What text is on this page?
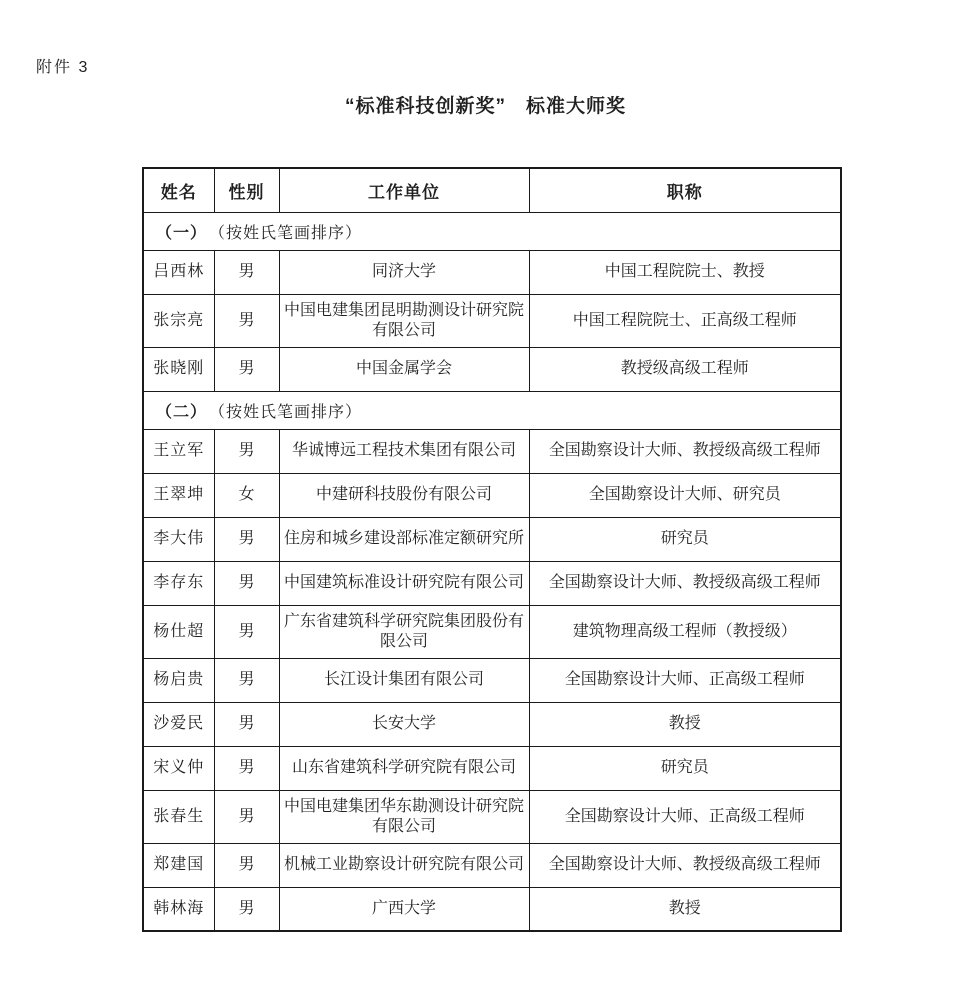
附件 3
“标准科技创新奖”　标准大师奖
姓名	性别	工作单位	职称
（一） （按姓氏笔画排序）			
吕西林	男	同济大学	中国工程院院士、教授
张宗亮	男	中国电建集团昆明勘测设计研究院有限公司	中国工程院院士、正高级工程师
张晓刚	男	中国金属学会	教授级高级工程师
（二） （按姓氏笔画排序）			
王立军	男	华诚博远工程技术集团有限公司	全国勘察设计大师、教授级高级工程师
王翠坤	女	中建研科技股份有限公司	全国勘察设计大师、研究员
李大伟	男	住房和城乡建设部标准定额研究所	研究员
李存东	男	中国建筑标准设计研究院有限公司	全国勘察设计大师、教授级高级工程师
杨仕超	男	广东省建筑科学研究院集团股份有限公司	建筑物理高级工程师（教授级）
杨启贵	男	长江设计集团有限公司	全国勘察设计大师、正高级工程师
沙爱民	男	长安大学	教授
宋义仲	男	山东省建筑科学研究院有限公司	研究员
张春生	男	中国电建集团华东勘测设计研究院有限公司	全国勘察设计大师、正高级工程师
郑建国	男	机械工业勘察设计研究院有限公司	全国勘察设计大师、教授级高级工程师
韩林海	男	广西大学	教授
